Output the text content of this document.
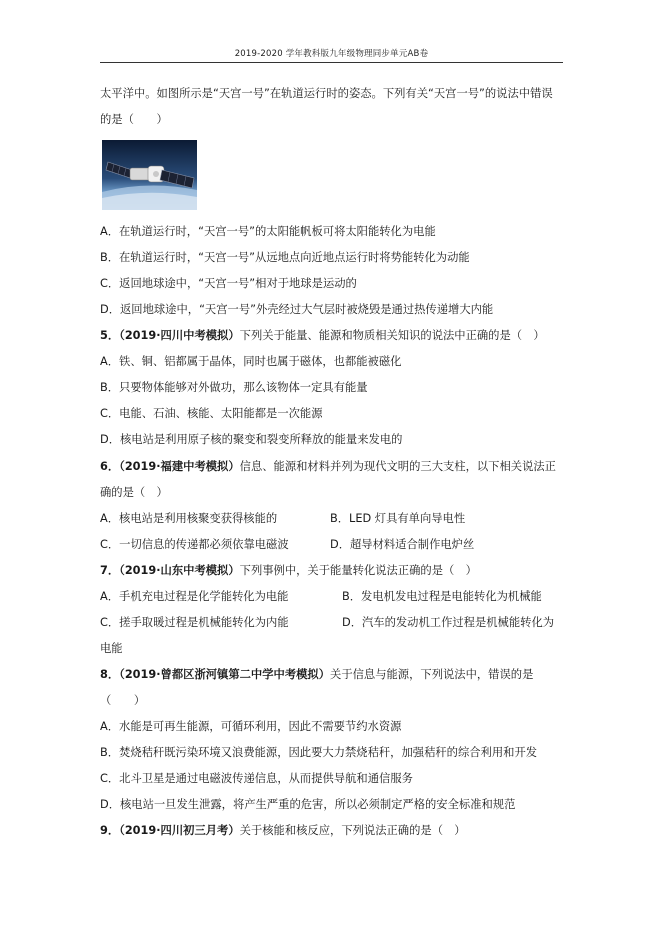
2019-2020 学年教科版九年级物理同步单元AB卷
太平洋中。如图所示是“天宫一号”在轨道运行时的姿态。下列有关“天宫一号”的说法中错误
的是（　　）
A．在轨道运行时，“天宫一号”的太阳能帆板可将太阳能转化为电能
B．在轨道运行时，“天宫一号”从远地点向近地点运行时将势能转化为动能
C．返回地球途中，“天宫一号”相对于地球是运动的
D．返回地球途中，“天宫一号”外壳经过大气层时被烧毁是通过热传递增大内能
5．（2019·四川中考模拟）下列关于能量、能源和物质相关知识的说法中正确的是（　）
A．铁、铜、铝都属于晶体，同时也属于磁体，也都能被磁化
B．只要物体能够对外做功，那么该物体一定具有能量
C．电能、石油、核能、太阳能都是一次能源
D．核电站是利用原子核的聚变和裂变所释放的能量来发电的
6．（2019·福建中考模拟）信息、能源和材料并列为现代文明的三大支柱，以下相关说法正
确的是（　）
A．核电站是利用核聚变获得核能的	B．LED 灯具有单向导电性
C．一切信息的传递都必须依靠电磁波	D．超导材料适合制作电炉丝
7．（2019·山东中考模拟）下列事例中，关于能量转化说法正确的是（　）
A．手机充电过程是化学能转化为电能	B．发电机发电过程是电能转化为机械能
C．搓手取暖过程是机械能转化为内能	D．汽车的发动机工作过程是机械能转化为
电能
8．（2019·曾都区浙河镇第二中学中考模拟）关于信息与能源，下列说法中，错误的是
（　　）
A．水能是可再生能源，可循环利用，因此不需要节约水资源
B．焚烧秸秆既污染环境又浪费能源，因此要大力禁烧秸秆，加强秸秆的综合利用和开发
C．北斗卫星是通过电磁波传递信息，从而提供导航和通信服务
D．核电站一旦发生泄露，将产生严重的危害，所以必须制定严格的安全标准和规范
9．（2019·四川初三月考）关于核能和核反应，下列说法正确的是（　）
